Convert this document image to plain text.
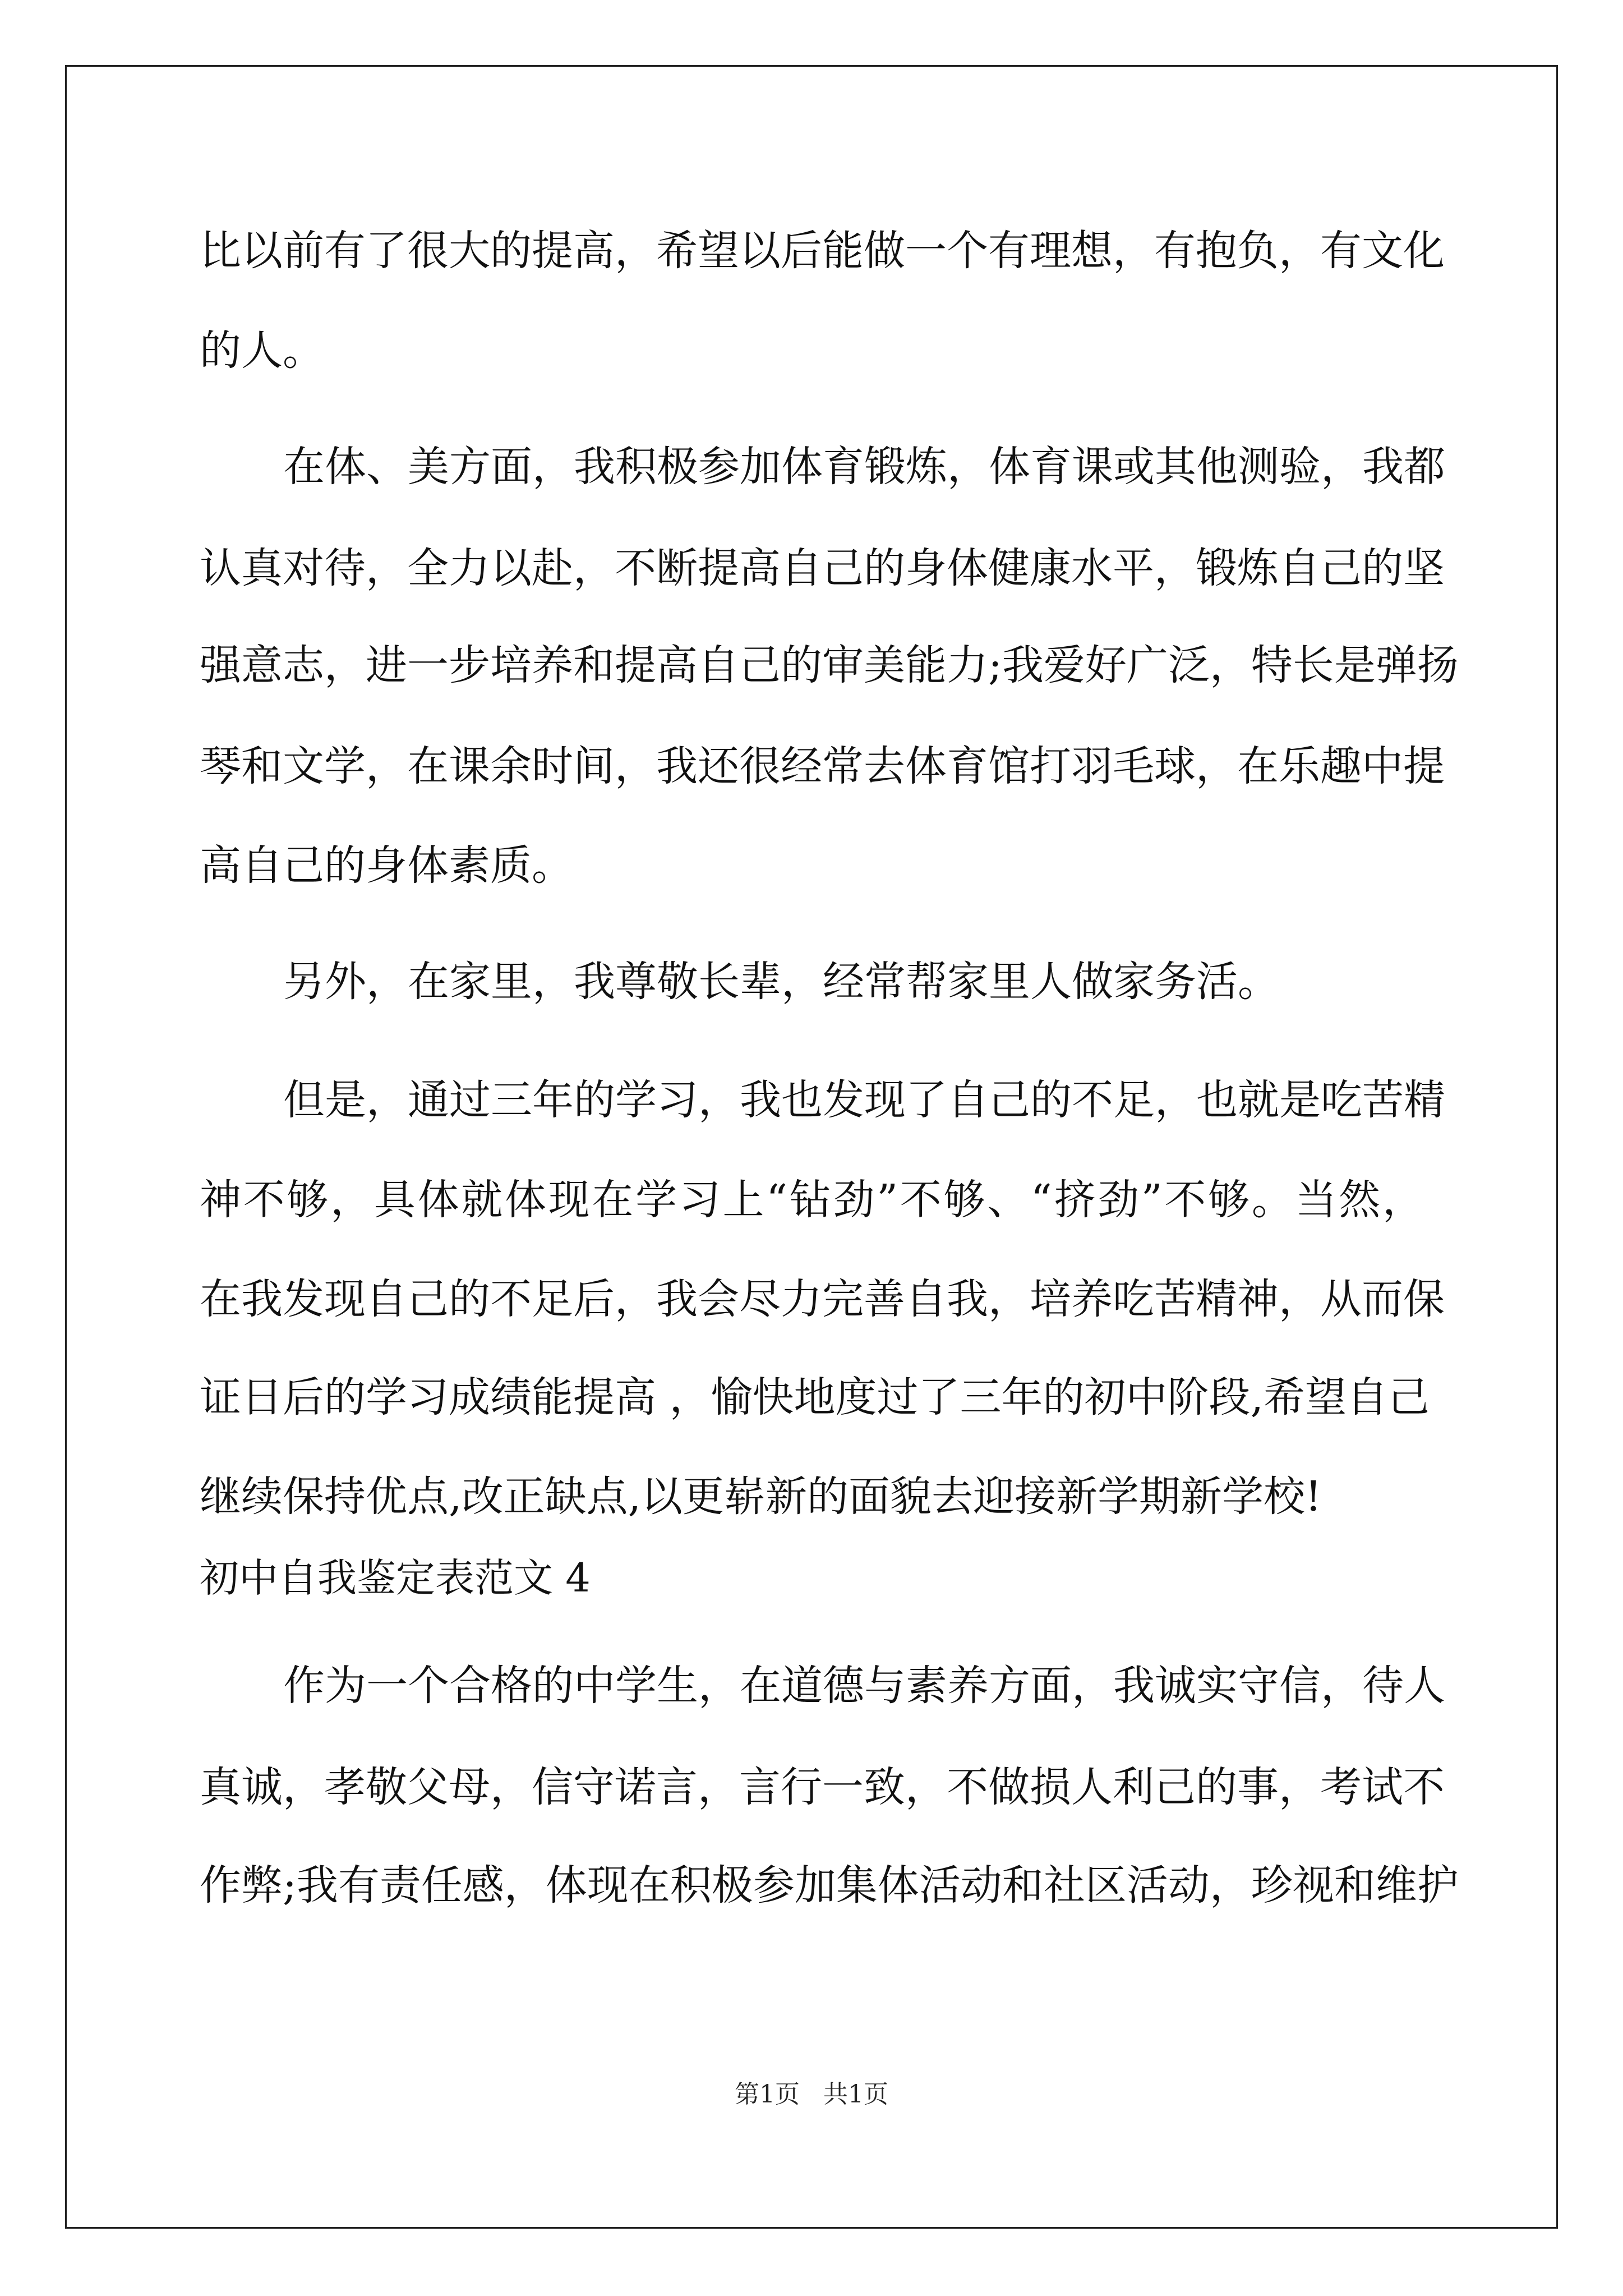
比以前有了很大的提高，希望以后能做一个有理想，有抱负，有文化
的人。
在体、美方面，我积极参加体育锻炼，体育课或其他测验，我都
认真对待，全力以赴，不断提高自己的身体健康水平，锻炼自己的坚
强意志，进一步培养和提高自己的审美能力;我爱好广泛，特长是弹扬
琴和文学，在课余时间，我还很经常去体育馆打羽毛球，在乐趣中提
高自己的身体素质。
另外，在家里，我尊敬长辈，经常帮家里人做家务活。
但是，通过三年的学习，我也发现了自己的不足，也就是吃苦精
神不够，具体就体现在学习上“钻劲”不够、“挤劲”不够。当然，
在我发现自己的不足后，我会尽力完善自我，培养吃苦精神，从而保
证日后的学习成绩能提高 ，愉快地度过了三年的初中阶段,希望自己
继续保持优点,改正缺点,以更崭新的面貌去迎接新学期新学校!
初中自我鉴定表范文 4
作为一个合格的中学生，在道德与素养方面，我诚实守信，待人
真诚，孝敬父母，信守诺言，言行一致，不做损人利己的事，考试不
作弊;我有责任感，体现在积极参加集体活动和社区活动，珍视和维护
第1页   共1页
